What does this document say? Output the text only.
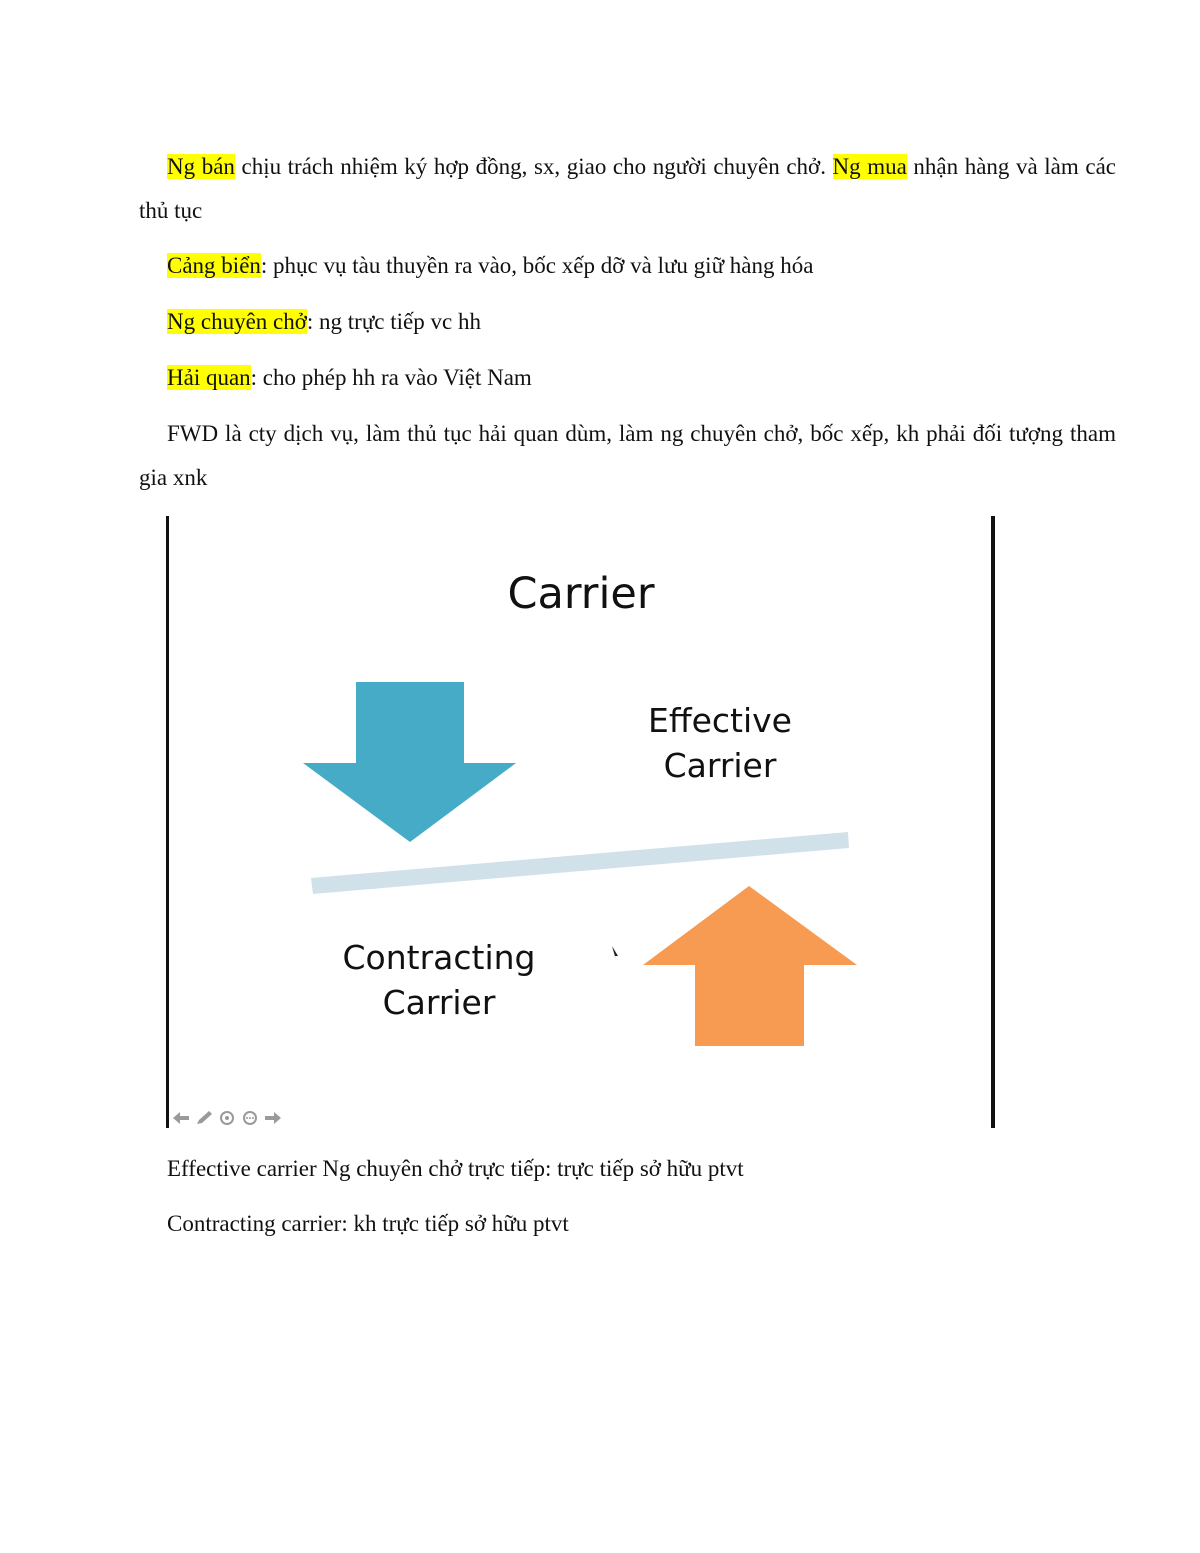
Ng bán chịu trách nhiệm ký hợp đồng, sx, giao cho người chuyên chở. Ng mua nhận hàng và làm các thủ tục

Cảng biển: phục vụ tàu thuyền ra vào, bốc xếp dỡ và lưu giữ hàng hóa

Ng chuyên chở: ng trực tiếp vc hh

Hải quan: cho phép hh ra vào Việt Nam

FWD là cty dịch vụ, làm thủ tục hải quan dùm, làm ng chuyên chở, bốc xếp, kh phải đối tượng tham gia xnk

Carrier
Effective
Carrier
Contracting
Carrier

Effective carrier Ng chuyên chở trực tiếp: trực tiếp sở hữu ptvt

Contracting carrier: kh trực tiếp sở hữu ptvt
